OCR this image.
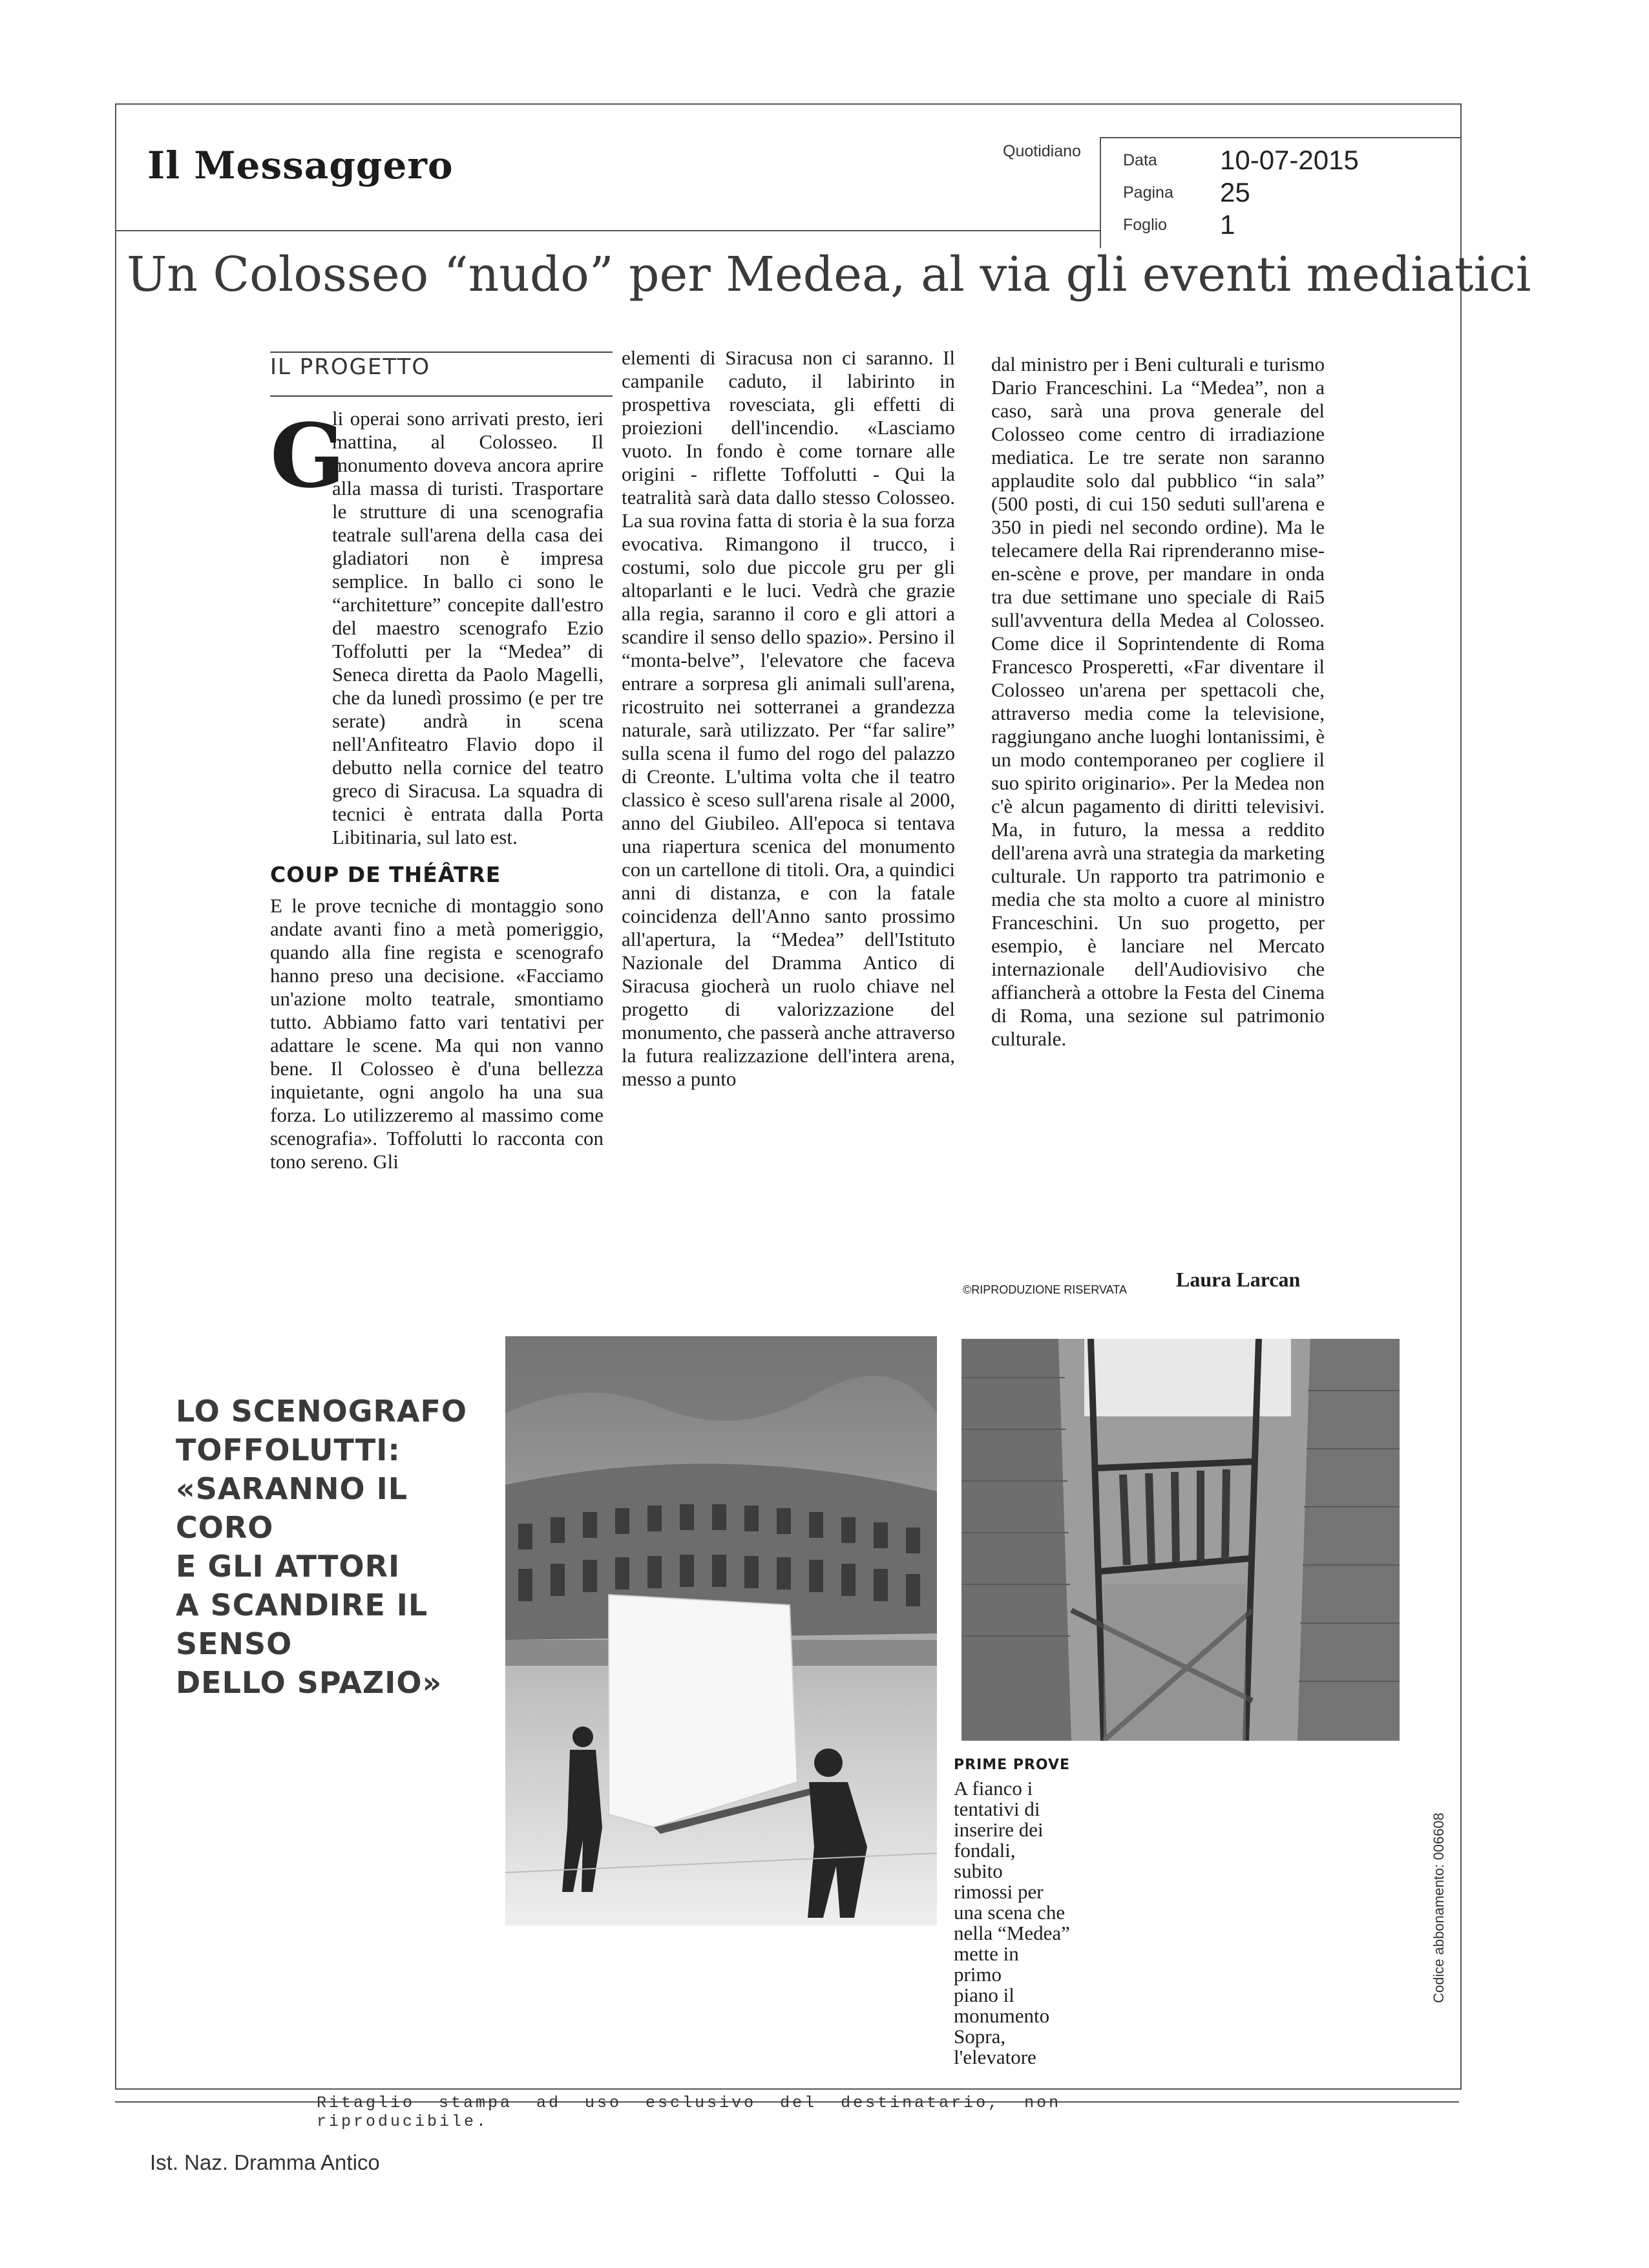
Il Messaggero	Quotidiano	Data 10-07-2015
Pagina 25
Foglio 1
Un Colosseo “nudo” per Medea, al via gli eventi mediatici
IL PROGETTO
G

li operai sono arrivati presto, ieri mattina, al Colosseo. Il monumento doveva ancora aprire alla massa di turisti. Trasportare le strutture di una scenografia teatrale sull'arena della casa dei gladiatori non è impresa semplice. In ballo ci sono le “architetture” concepite dall'estro del maestro scenografo Ezio Toffolutti per la “Medea” di Seneca diretta da Paolo Magelli, che da lunedì prossimo (e per tre serate) andrà in scena nell'Anfiteatro Flavio dopo il debutto nella cornice del teatro greco di Siracusa. La squadra di tecnici è entrata dalla Porta Libitinaria, sul lato est.

COUP DE THÉÂTRE

E le prove tecniche di montaggio sono andate avanti fino a metà pomeriggio, quando alla fine regista e scenografo hanno preso una decisione. «Facciamo un'azione molto teatrale, smontiamo tutto. Abbiamo fatto vari tentativi per adattare le scene. Ma qui non vanno bene. Il Colosseo è d'una bellezza inquietante, ogni angolo ha una sua forza. Lo utilizzeremo al massimo come scenografia». Toffolutti lo racconta con tono sereno. Gli

elementi di Siracusa non ci saranno. Il campanile caduto, il labirinto in prospettiva rovesciata, gli effetti di proiezioni dell'incendio. «Lasciamo vuoto. In fondo è come tornare alle origini - riflette Toffolutti - Qui la teatralità sarà data dallo stesso Colosseo. La sua rovina fatta di storia è la sua forza evocativa. Rimangono il trucco, i costumi, solo due piccole gru per gli altoparlanti e le luci. Vedrà che grazie alla regia, saranno il coro e gli attori a scandire il senso dello spazio». Persino il “monta-belve”, l'elevatore che faceva entrare a sorpresa gli animali sull'arena, ricostruito nei sotterranei a grandezza naturale, sarà utilizzato. Per “far salire” sulla scena il fumo del rogo del palazzo di Creonte. L'ultima volta che il teatro classico è sceso sull'arena risale al 2000, anno del Giubileo. All'epoca si tentava una riapertura scenica del monumento con un cartellone di titoli. Ora, a quindici anni di distanza, e con la fatale coincidenza dell'Anno santo prossimo all'apertura, la “Medea” dell'Istituto Nazionale del Dramma Antico di Siracusa giocherà un ruolo chiave nel progetto di valorizzazione del monumento, che passerà anche attraverso la futura realizzazione dell'intera arena, messo a punto

dal ministro per i Beni culturali e turismo Dario Franceschini. La “Medea”, non a caso, sarà una prova generale del Colosseo come centro di irradiazione mediatica. Le tre serate non saranno applaudite solo dal pubblico “in sala” (500 posti, di cui 150 seduti sull'arena e 350 in piedi nel secondo ordine). Ma le telecamere della Rai riprenderanno mise-en-scène e prove, per mandare in onda tra due settimane uno speciale di Rai5 sull'avventura della Medea al Colosseo. Come dice il Soprintendente di Roma Francesco Prosperetti, «Far diventare il Colosseo un'arena per spettacoli che, attraverso media come la televisione, raggiungano anche luoghi lontanissimi, è un modo contemporaneo per cogliere il suo spirito originario». Per la Medea non c'è alcun pagamento di diritti televisivi. Ma, in futuro, la messa a reddito dell'arena avrà una strategia da marketing culturale. Un rapporto tra patrimonio e media che sta molto a cuore al ministro Franceschini. Un suo progetto, per esempio, è lanciare nel Mercato internazionale dell'Audiovisivo che affiancherà a ottobre la Festa del Cinema di Roma, una sezione sul patrimonio culturale.

©RIPRODUZIONE RISERVATA Laura Larcan
LO SCENOGRAFO
TOFFOLUTTI:
«SARANNO IL CORO
E GLI ATTORI
A SCANDIRE IL SENSO
DELLO SPAZIO»
PRIME PROVE
A fianco i
tentativi di
inserire dei
fondali,
subito
rimossi per
una scena che
nella “Medea”
mette in
primo
piano il
monumento
Sopra,
l'elevatore
Codice abbonamento: 006608
Ritaglio stampa ad uso esclusivo del destinatario, non riproducibile.
Ist. Naz. Dramma Antico
